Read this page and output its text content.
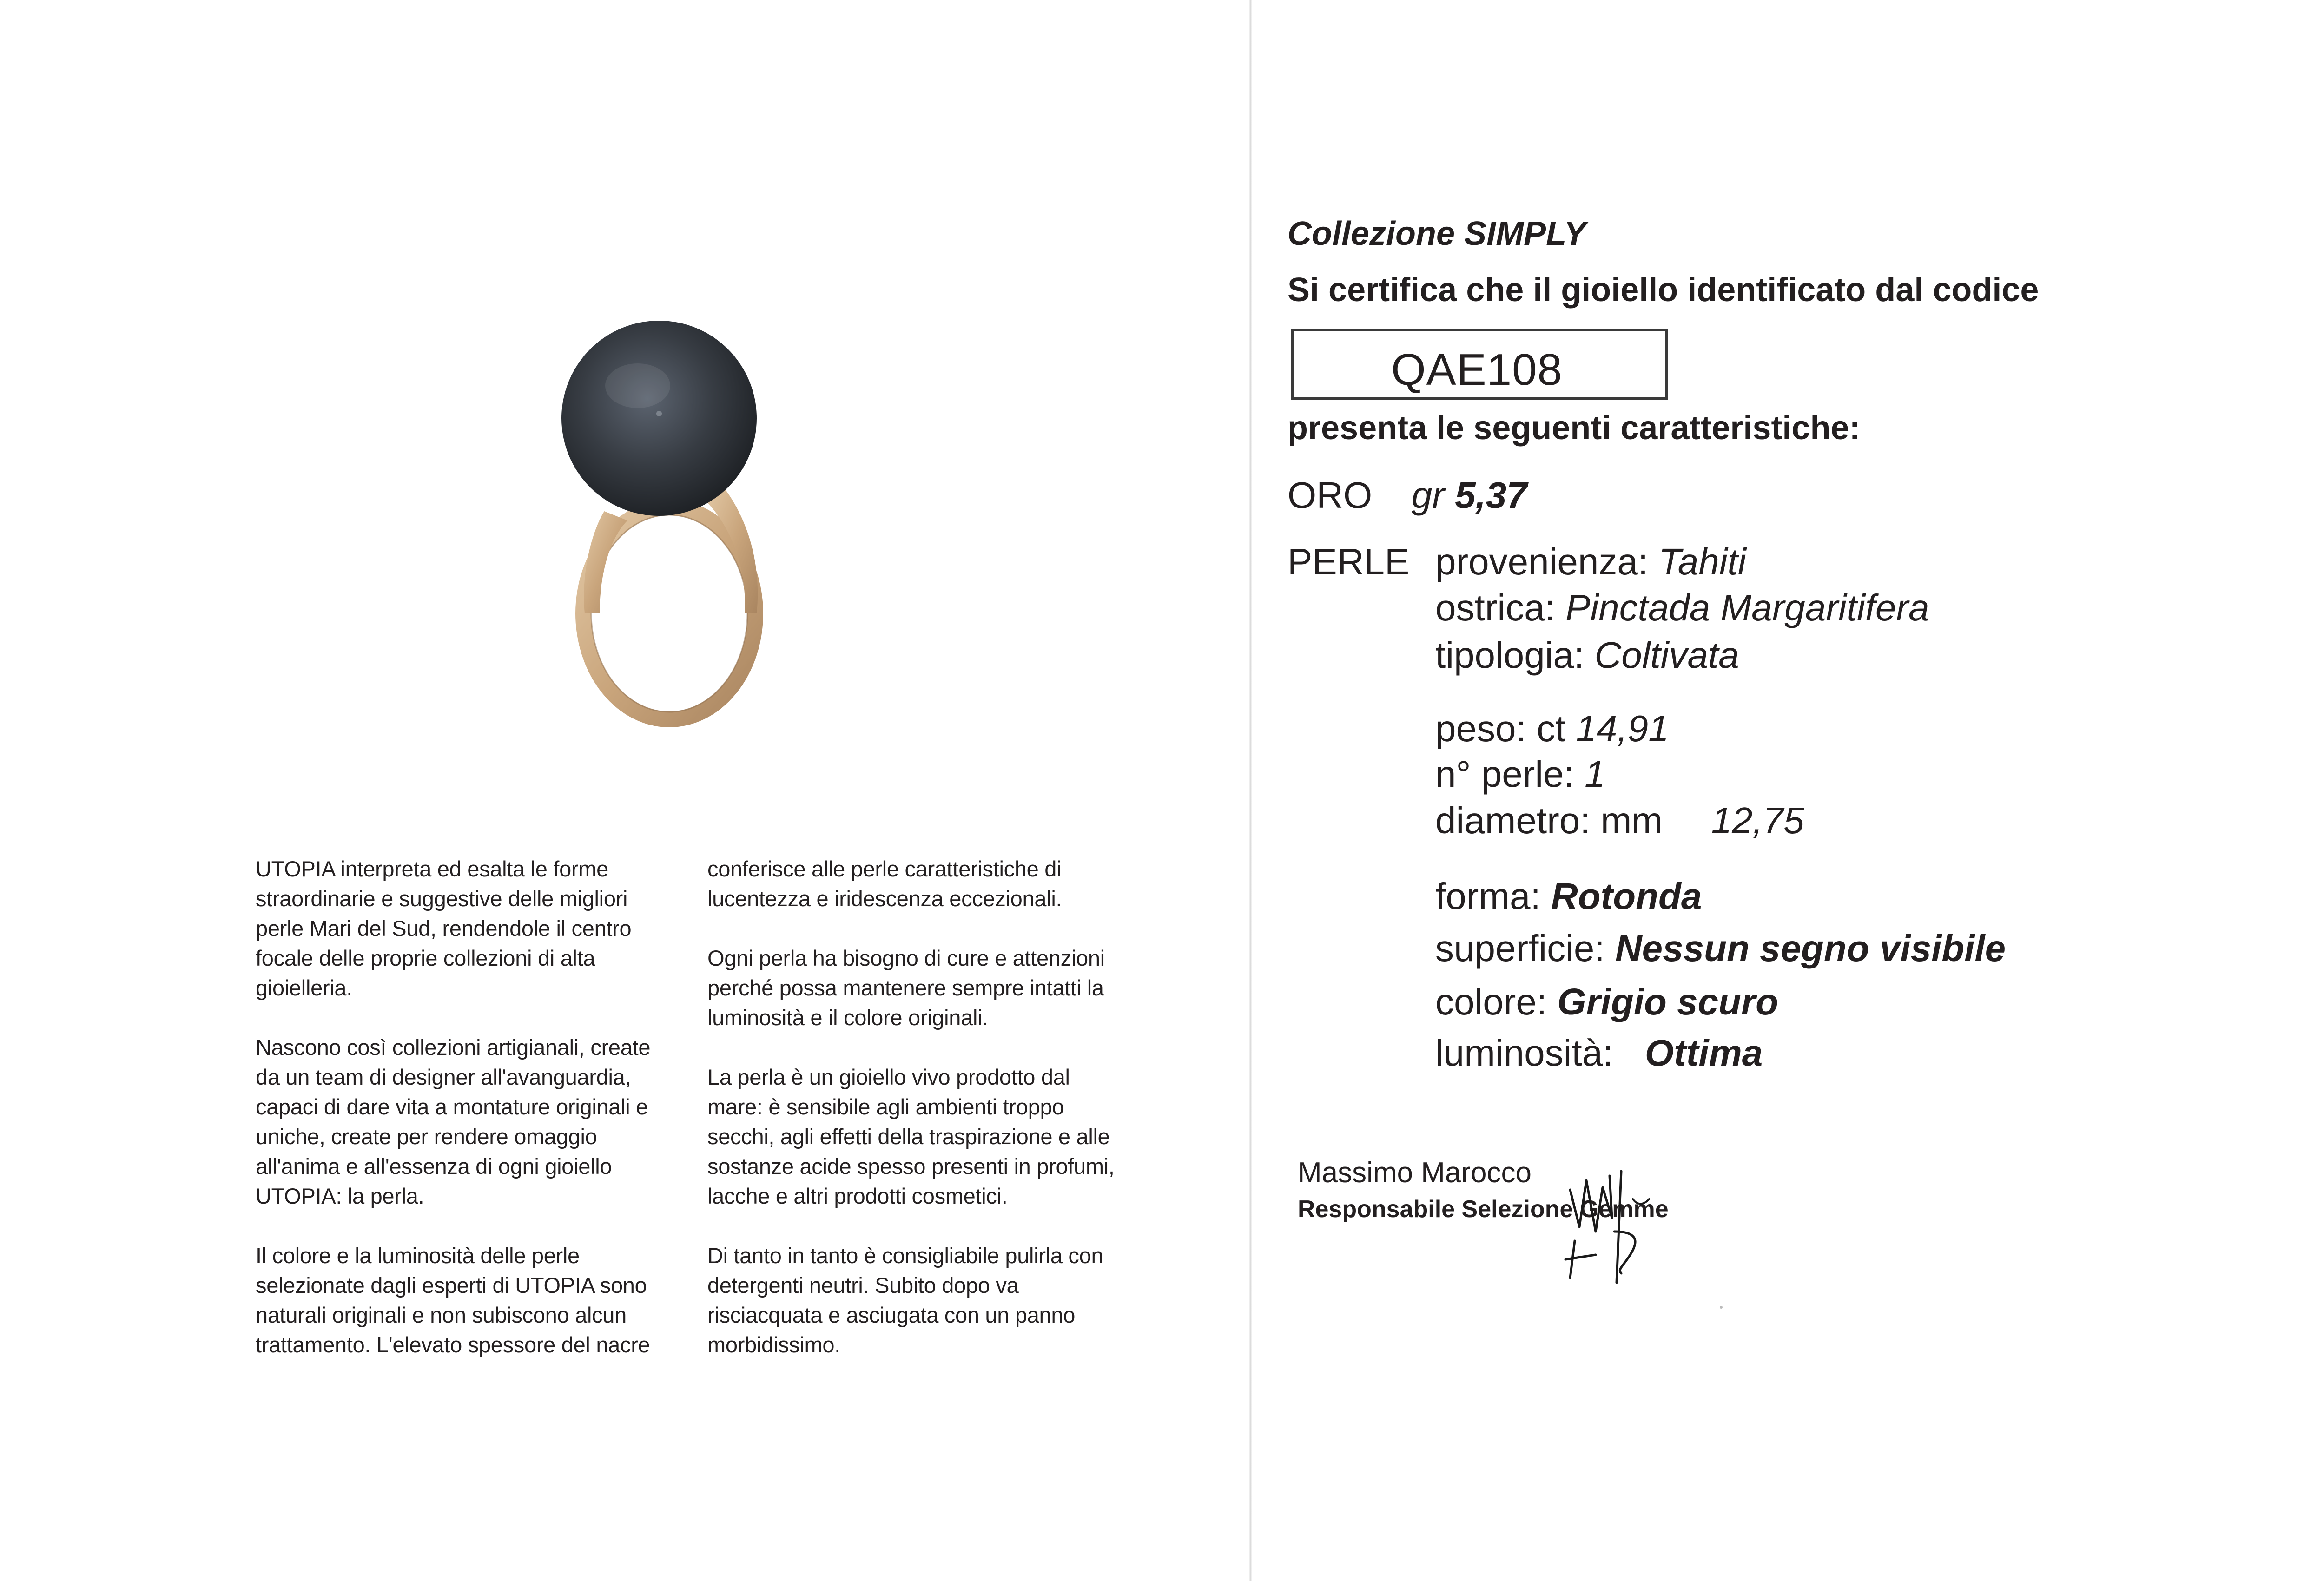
UTOPIA interpreta ed esalta le forme straordinarie e suggestive delle migliori perle Mari del Sud, rendendole il centro focale delle proprie collezioni di alta gioielleria.

Nascono così collezioni artigianali, create da un team di designer all'avanguardia, capaci di dare vita a montature originali e uniche, create per rendere omaggio all'anima e all'essenza di ogni gioiello UTOPIA: la perla.

Il colore e la luminosità delle perle selezionate dagli esperti di UTOPIA sono naturali originali e non subiscono alcun trattamento. L'elevato spessore del nacre

conferisce alle perle caratteristiche di lucentezza e iridescenza eccezionali.

Ogni perla ha bisogno di cure e attenzioni perché possa mantenere sempre intatti la luminosità e il colore originali.

La perla è un gioiello vivo prodotto dal mare: è sensibile agli ambienti troppo secchi, agli effetti della traspirazione e alle sostanze acide spesso presenti in profumi, lacche e altri prodotti cosmetici.

Di tanto in tanto è consigliabile pulirla con detergenti neutri. Subito dopo va risciacquata e asciugata con un panno morbidissimo.

Collezione SIMPLY
Si certifica che il gioiello identificato dal codice
QAE108
presenta le seguenti caratteristiche:
ORO gr 5,37
PERLE provenienza: Tahiti
ostrica: Pinctada Margaritifera
tipologia: Coltivata
peso: ct 14,91
n° perle: 1
diametro: mm 12,75
forma: Rotonda
superficie: Nessun segno visibile
colore: Grigio scuro
luminosità: Ottima
Massimo Marocco
Responsabile Selezione Gemme
